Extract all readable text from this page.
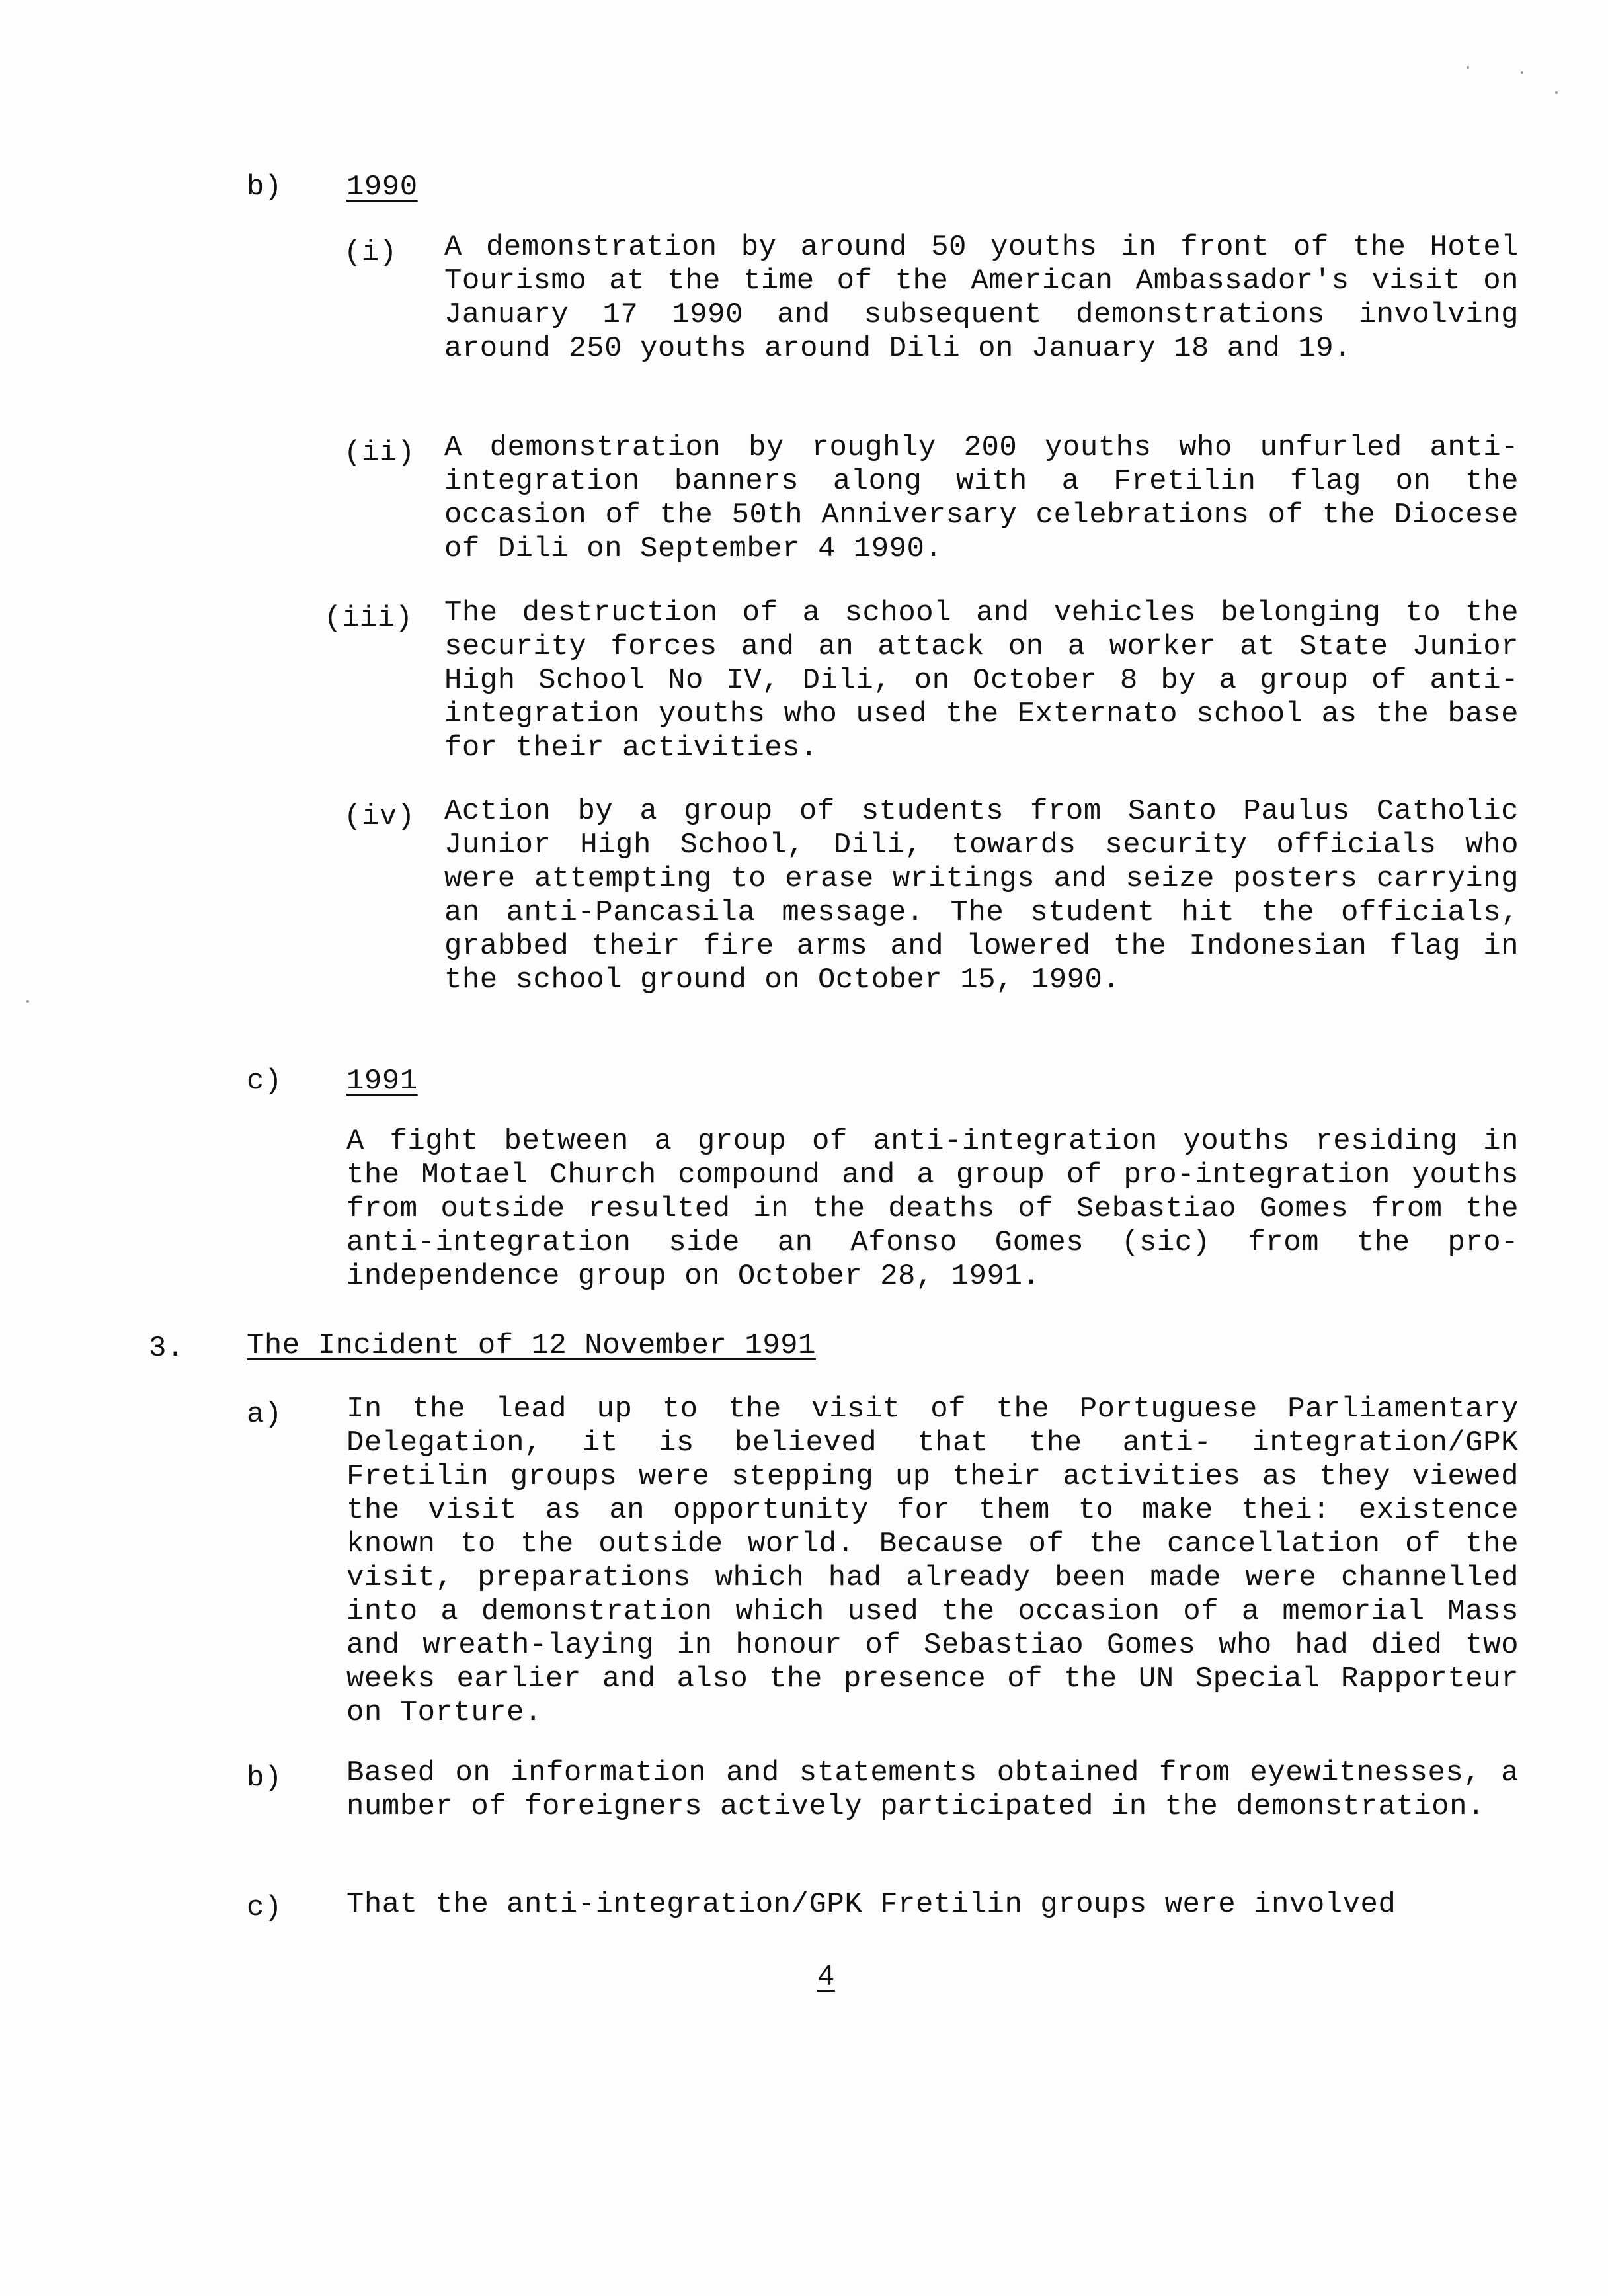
b) 1990
(i) A demonstration by around 50 youths in front of the Hotel Tourismo at the time of the American Ambassador's visit on January 17 1990 and subsequent demonstrations involving around 250 youths around Dili on January 18 and 19.
(ii) A demonstration by roughly 200 youths who unfurled anti-integration banners along with a Fretilin flag on the occasion of the 50th Anniversary celebrations of the Diocese of Dili on September 4 1990.
(iii) The destruction of a school and vehicles belonging to the security forces and an attack on a worker at State Junior High School No IV, Dili, on October 8 by a group of anti-integration youths who used the Externato school as the base for their activities.
(iv) Action by a group of students from Santo Paulus Catholic Junior High School, Dili, towards security officials who were attempting to erase writings and seize posters carrying an anti-Pancasila message. The student hit the officials, grabbed their fire arms and lowered the Indonesian flag in the school ground on October 15, 1990.
c) 1991
A fight between a group of anti-integration youths residing in the Motael Church compound and a group of pro-integration youths from outside resulted in the deaths of Sebastiao Gomes from the anti-integration side an Afonso Gomes (sic) from the pro-independence group on October 28, 1991.
3. The Incident of 12 November 1991
a) In the lead up to the visit of the Portuguese Parliamentary Delegation, it is believed that the anti- integration/GPK Fretilin groups were stepping up their activities as they viewed the visit as an opportunity for them to make thei: existence known to the outside world. Because of the cancellation of the visit, preparations which had already been made were channelled into a demonstration which used the occasion of a memorial Mass and wreath-laying in honour of Sebastiao Gomes who had died two weeks earlier and also the presence of the UN Special Rapporteur on Torture.
b) Based on information and statements obtained from eyewitnesses, a number of foreigners actively participated in the demonstration.
c) That the anti-integration/GPK Fretilin groups were involved
4
